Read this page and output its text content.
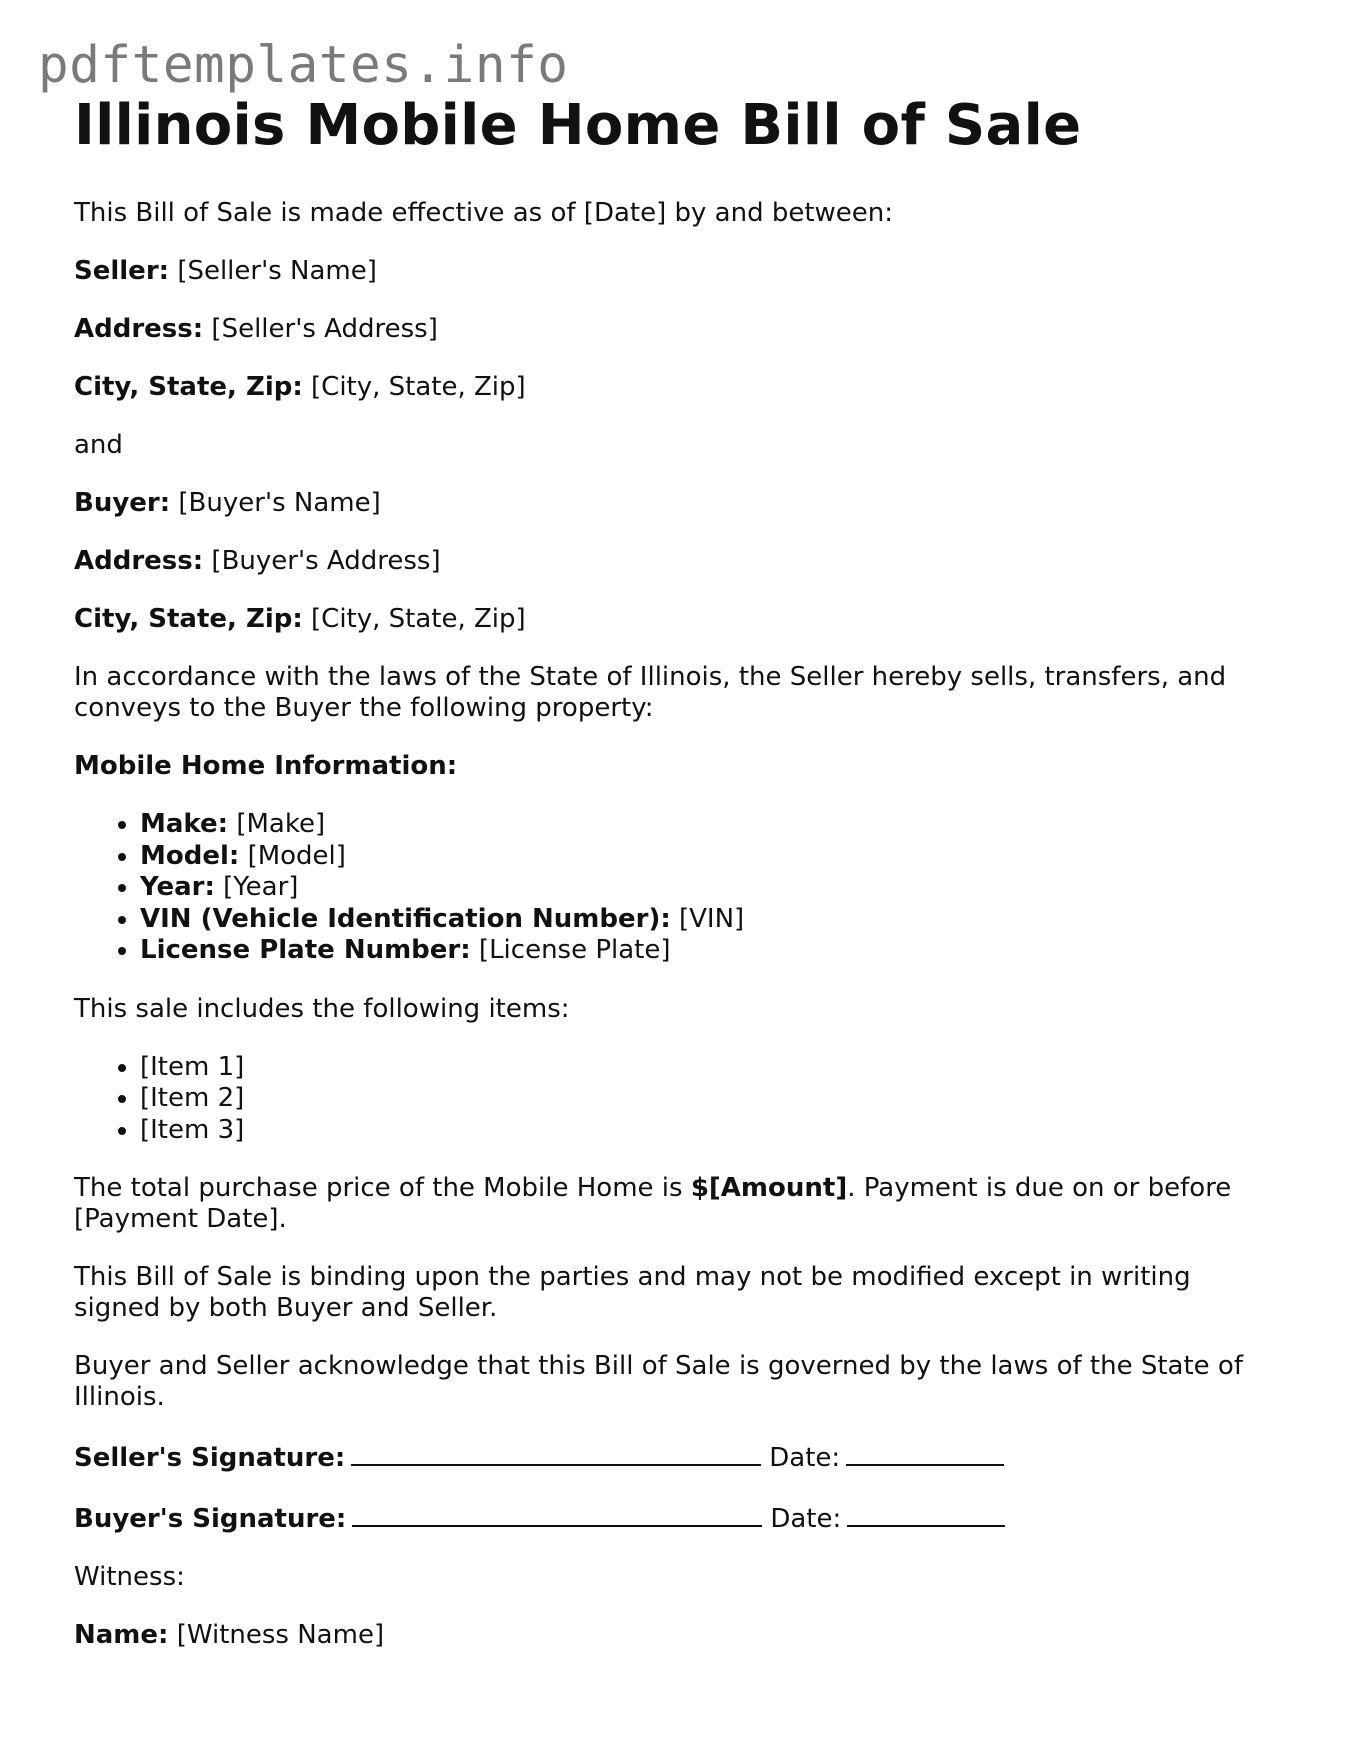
pdftemplates.info
Illinois Mobile Home Bill of Sale

This Bill of Sale is made effective as of [Date] by and between:

Seller: [Seller's Name]

Address: [Seller's Address]

City, State, Zip: [City, State, Zip]

and

Buyer: [Buyer's Name]

Address: [Buyer's Address]

City, State, Zip: [City, State, Zip]

In accordance with the laws of the State of Illinois, the Seller hereby sells, transfers, and conveys to the Buyer the following property:

Mobile Home Information:

• Make: [Make]
• Model: [Model]
• Year: [Year]
• VIN (Vehicle Identification Number): [VIN]
• License Plate Number: [License Plate]

This sale includes the following items:

• [Item 1]
• [Item 2]
• [Item 3]

The total purchase price of the Mobile Home is $[Amount]. Payment is due on or before [Payment Date].

This Bill of Sale is binding upon the parties and may not be modified except in writing signed by both Buyer and Seller.

Buyer and Seller acknowledge that this Bill of Sale is governed by the laws of the State of Illinois.

Seller's Signature:	Date:

Buyer's Signature:	Date:

Witness:

Name: [Witness Name]
